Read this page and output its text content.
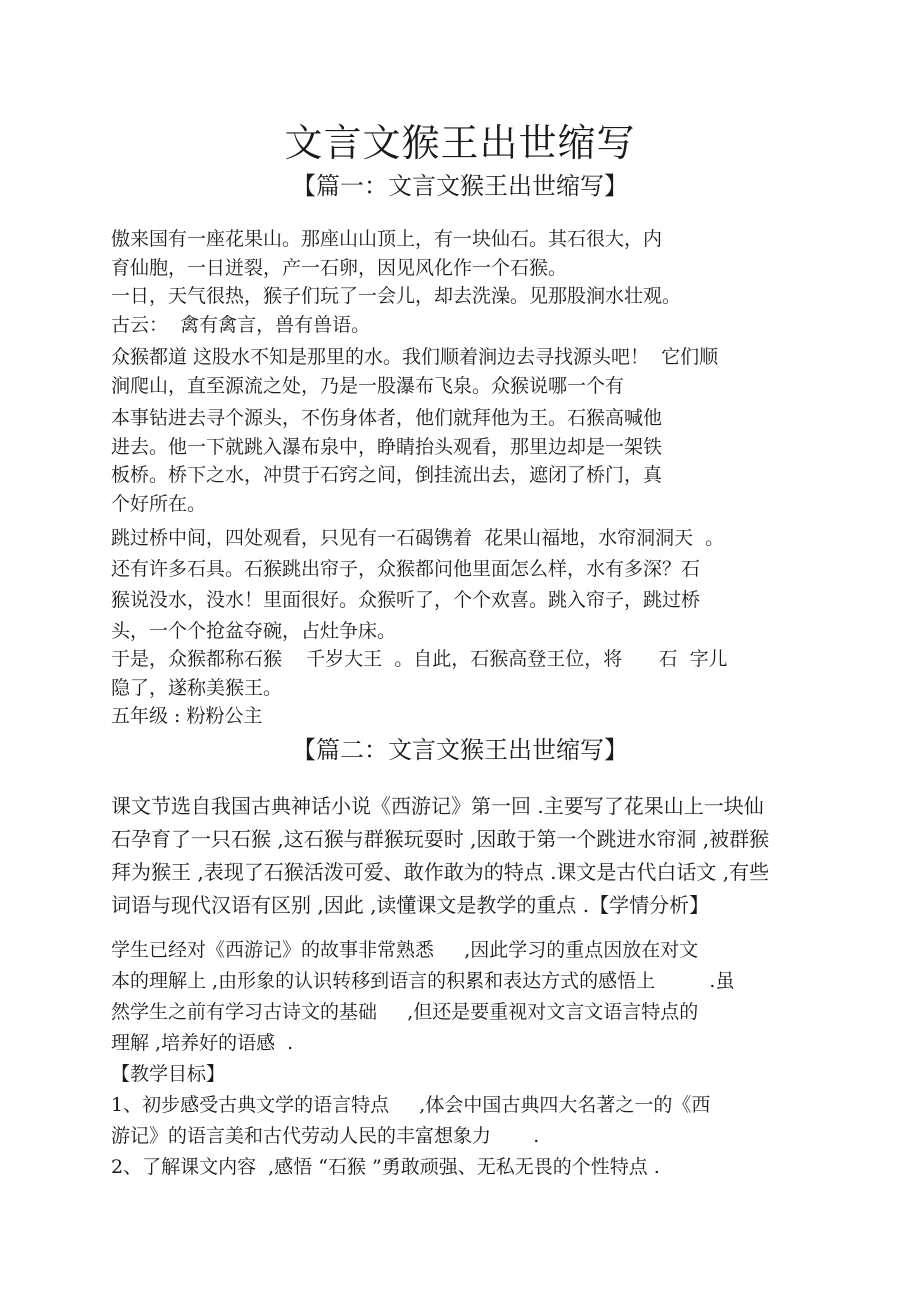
文言文猴王出世缩写
【篇一：文言文猴王出世缩写】

傲来国有一座花果山。那座山山顶上，有一块仙石。其石很大，内
育仙胞，一日迸裂，产一石卵，因见风化作一个石猴。
一日，天气很热，猴子们玩了一会儿，却去洗澡。见那股涧水壮观。
古云：  禽有禽言，兽有兽语。

众猴都道 这股水不知是那里的水。我们顺着涧边去寻找源头吧！  它们顺
涧爬山，直至源流之处，乃是一股瀑布飞泉。众猴说哪一个有

本事钻进去寻个源头，不伤身体者，他们就拜他为王。石猴高喊他
进去。他一下就跳入瀑布泉中，睁睛抬头观看，那里边却是一架铁
板桥。桥下之水，冲贯于石窍之间，倒挂流出去，遮闭了桥门，真
个好所在。

跳过桥中间，四处观看，只见有一石碣镌着  花果山福地，水帘洞洞天  。
还有许多石具。石猴跳出帘子，众猴都问他里面怎么样，水有多深？石
猴说没水，没水！里面很好。众猴听了，个个欢喜。跳入帘子，跳过桥
头，一个个抢盆夺碗，占灶争床。

于是，众猴都称石猴    千岁大王  。自此，石猴高登王位，将      石  字儿
隐了，遂称美猴王。

五年级 : 粉粉公主

【篇二：文言文猴王出世缩写】

课文节选自我国古典神话小说《西游记》第一回 .主要写了花果山上一块仙
石孕育了一只石猴 ,这石猴与群猴玩耍时 ,因敢于第一个跳进水帘洞 ,被群猴
拜为猴王 ,表现了石猴活泼可爱、敢作敢为的特点 .课文是古代白话文 ,有些
词语与现代汉语有区别 ,因此 ,读懂课文是教学的重点 .【学情分析】

学生已经对《西游记》的故事非常熟悉     ,因此学习的重点因放在对文
本的理解上 ,由形象的认识转移到语言的积累和表达方式的感悟上         .虽
然学生之前有学习古诗文的基础     ,但还是要重视对文言文语言特点的
理解 ,培养好的语感  .

【教学目标】

1、初步感受古典文学的语言特点     ,体会中国古典四大名著之一的《西
游记》的语言美和古代劳动人民的丰富想象力       .

2、了解课文内容  ,感悟 “石猴 ”勇敢顽强、无私无畏的个性特点 .
